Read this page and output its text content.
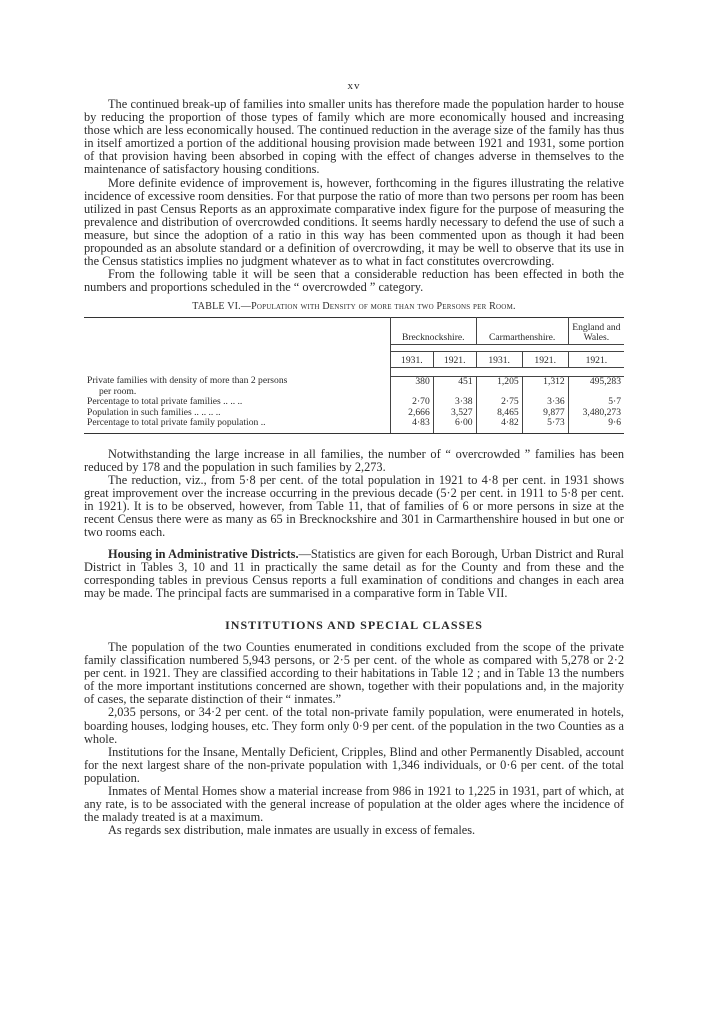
xv

The continued break-up of families into smaller units has therefore made the population harder to house by reducing the proportion of those types of family which are more economically housed and increasing those which are less economically housed. The continued reduction in the average size of the family has thus in itself amortized a portion of the additional housing provision made between 1921 and 1931, some portion of that provision having been absorbed in coping with the effect of changes adverse in themselves to the maintenance of satisfactory housing conditions.

More definite evidence of improvement is, however, forthcoming in the figures illustrating the relative incidence of excessive room densities. For that purpose the ratio of more than two persons per room has been utilized in past Census Reports as an approximate comparative index figure for the purpose of measuring the prevalence and distribution of overcrowded conditions. It seems hardly necessary to defend the use of such a measure, but since the adoption of a ratio in this way has been commented upon as though it had been propounded as an absolute standard or a definition of overcrowding, it may be well to observe that its use in the Census statistics implies no judgment whatever as to what in fact constitutes overcrowding.

From the following table it will be seen that a considerable reduction has been effected in both the numbers and proportions scheduled in the “ overcrowded ” category.

TABLE VI.—Population with Density of more than two Persons per Room.
	Brecknockshire.		Carmarthenshire.		England and Wales.

	1931.	1921.	1931.	1921.	1921.

Private families with density of more than 2 persons
per room.	380	451	1,205	1,312	495,283
Percentage to total private families .. .. ..	2·70	3·38	2·75	3·36	5·7
Population in such families .. .. .. ..	2,666	3,527	8,465	9,877	3,480,273
Percentage to total private family population ..	4·83	6·00	4·82	5·73	9·6

Notwithstanding the large increase in all families, the number of “ overcrowded ” families has been reduced by 178 and the population in such families by 2,273.

The reduction, viz., from 5·8 per cent. of the total population in 1921 to 4·8 per cent. in 1931 shows great improvement over the increase occurring in the previous decade (5·2 per cent. in 1911 to 5·8 per cent. in 1921). It is to be observed, however, from Table 11, that of families of 6 or more persons in size at the recent Census there were as many as 65 in Brecknockshire and 301 in Carmarthenshire housed in but one or two rooms each.

Housing in Administrative Districts.—Statistics are given for each Borough, Urban District and Rural District in Tables 3, 10 and 11 in practically the same detail as for the County and from these and the corresponding tables in previous Census reports a full examination of conditions and changes in each area may be made. The principal facts are summarised in a comparative form in Table VII.

INSTITUTIONS AND SPECIAL CLASSES

The population of the two Counties enumerated in conditions excluded from the scope of the private family classification numbered 5,943 persons, or 2·5 per cent. of the whole as compared with 5,278 or 2·2 per cent. in 1921. They are classified according to their habitations in Table 12 ; and in Table 13 the numbers of the more important institutions concerned are shown, together with their populations and, in the majority of cases, the separate distinction of their “ inmates.”

2,035 persons, or 34·2 per cent. of the total non-private family population, were enumerated in hotels, boarding houses, lodging houses, etc. They form only 0·9 per cent. of the population in the two Counties as a whole.

Institutions for the Insane, Mentally Deficient, Cripples, Blind and other Permanently Disabled, account for the next largest share of the non-private population with 1,346 individuals, or 0·6 per cent. of the total population.

Inmates of Mental Homes show a material increase from 986 in 1921 to 1,225 in 1931, part of which, at any rate, is to be associated with the general increase of population at the older ages where the incidence of the malady treated is at a maximum.

As regards sex distribution, male inmates are usually in excess of females.
